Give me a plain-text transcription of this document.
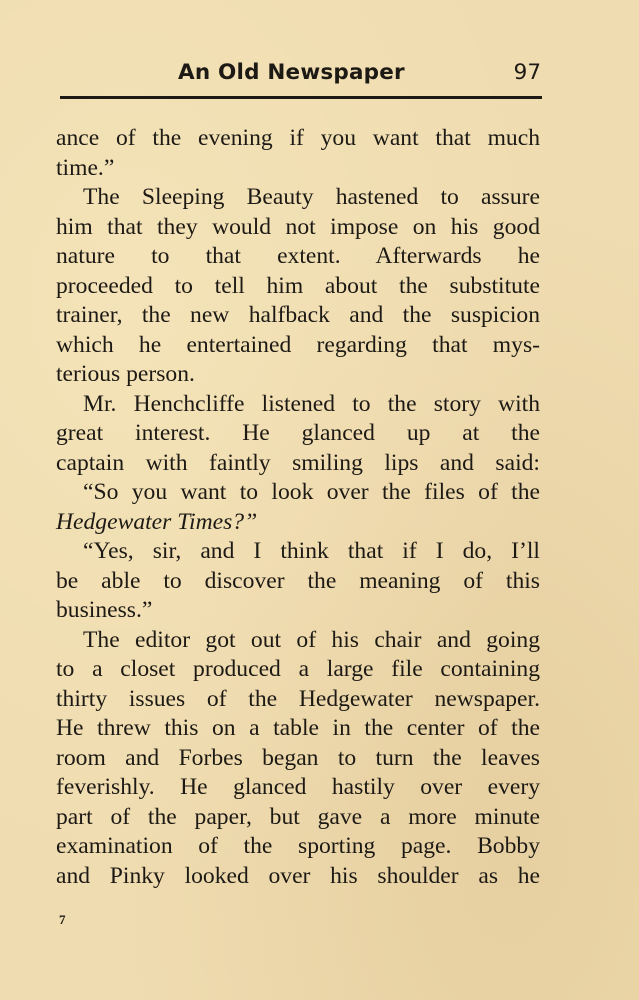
An Old Newspaper	97
ance of the evening if you want that much
time.”
The Sleeping Beauty hastened to assure
him that they would not impose on his good
nature to that extent. Afterwards he
proceeded to tell him about the substitute
trainer, the new halfback and the suspicion
which he entertained regarding that mys-
terious person.
Mr. Henchcliffe listened to the story with
great interest. He glanced up at the
captain with faintly smiling lips and said:
“So you want to look over the files of the
Hedgewater Times?”
“Yes, sir, and I think that if I do, I’ll
be able to discover the meaning of this
business.”
The editor got out of his chair and going
to a closet produced a large file containing
thirty issues of the Hedgewater newspaper.
He threw this on a table in the center of the
room and Forbes began to turn the leaves
feverishly. He glanced hastily over every
part of the paper, but gave a more minute
examination of the sporting page. Bobby
and Pinky looked over his shoulder as he
7
